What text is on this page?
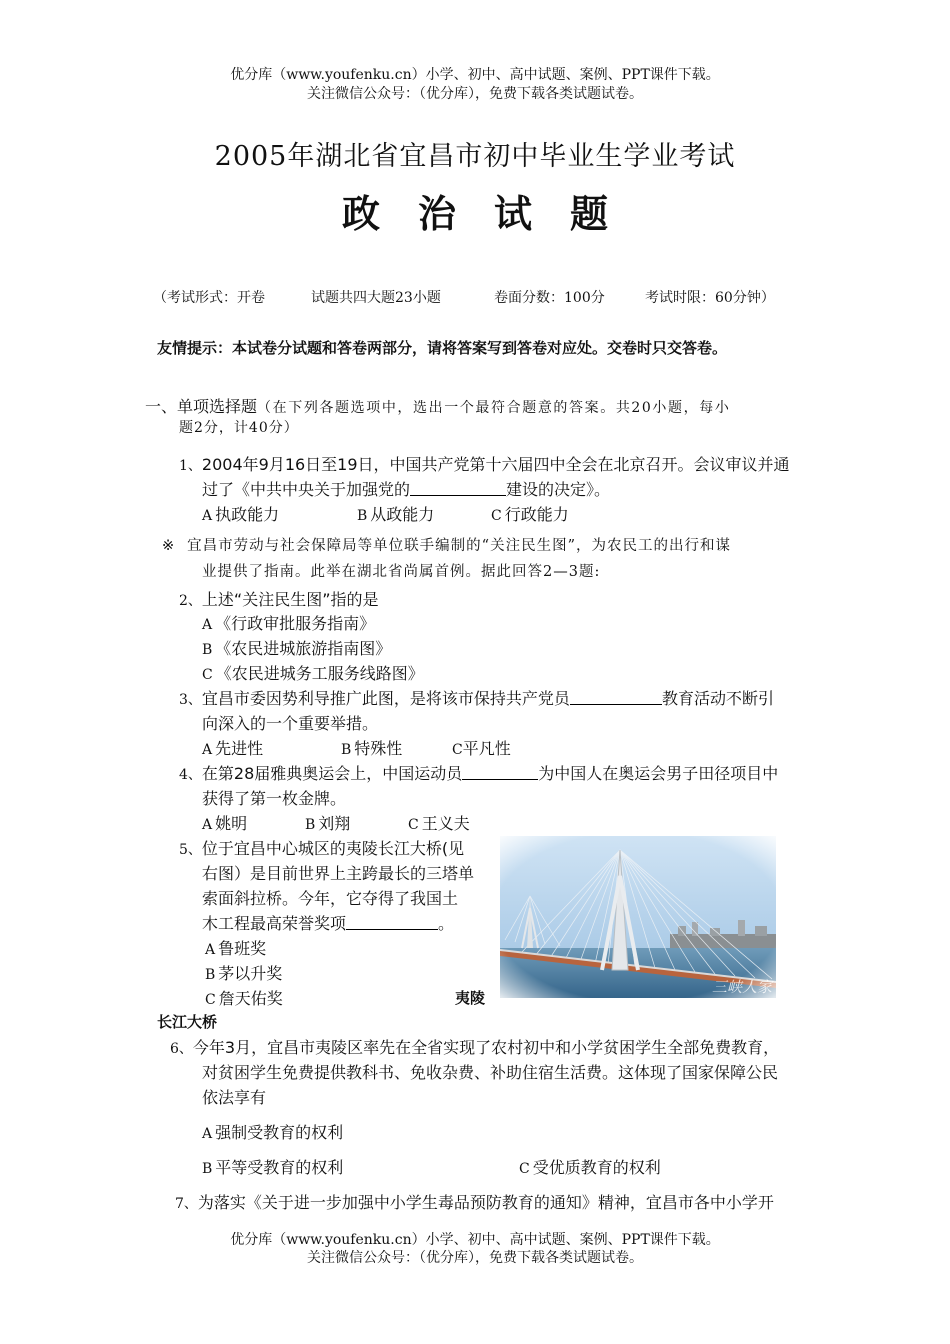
优分库（www.youfenku.cn）小学、初中、高中试题、案例、PPT课件下载。
关注微信公众号：（优分库），免费下载各类试题试卷。
2005年湖北省宜昌市初中毕业生学业考试
政治试题
（考试形式：开卷	试题共四大题23小题	卷面分数：100分	考试时限：60分钟）
友情提示：本试卷分试题和答卷两部分，请将答案写到答卷对应处。交卷时只交答卷。
一、单项选择题（在下列各题选项中，选出一个最符合题意的答案。共20小题，每小
题2分，计40分）
1、2004年9月16日至19日，中国共产党第十六届四中全会在北京召开。会议审议并通
过了《中共中央关于加强党的	建设的决定》。
A 执政能力	B 从政能力	C 行政能力
※ 宜昌市劳动与社会保障局等单位联手编制的“关注民生图”，为农民工的出行和谋
业提供了指南。此举在湖北省尚属首例。据此回答2—3题:
2、上述“关注民生图”指的是
A 《行政审批服务指南》
B 《农民进城旅游指南图》
C 《农民进城务工服务线路图》
3、宜昌市委因势利导推广此图，是将该市保持共产党员	教育活动不断引
向深入的一个重要举措。
A 先进性	B 特殊性	C平凡性
4、在第28届雅典奥运会上，中国运动员	为中国人在奥运会男子田径项目中
获得了第一枚金牌。
A 姚明	B 刘翔	C 王义夫
5、位于宜昌中心城区的夷陵长江大桥(见
右图）是目前世界上主跨最长的三塔单
索面斜拉桥。今年，它夺得了我国土
木工程最高荣誉奖项	。
A 鲁班奖
B 茅以升奖
C 詹天佑奖
三峡人家
夷陵
长江大桥
6、今年3月，宜昌市夷陵区率先在全省实现了农村初中和小学贫困学生全部免费教育，
对贫困学生免费提供教科书、免收杂费、补助住宿生活费。这体现了国家保障公民
依法享有
A 强制受教育的权利
B 平等受教育的权利	C 受优质教育的权利
7、为落实《关于进一步加强中小学生毒品预防教育的通知》精神，宜昌市各中小学开
优分库（www.youfenku.cn）小学、初中、高中试题、案例、PPT课件下载。
关注微信公众号：（优分库），免费下载各类试题试卷。
